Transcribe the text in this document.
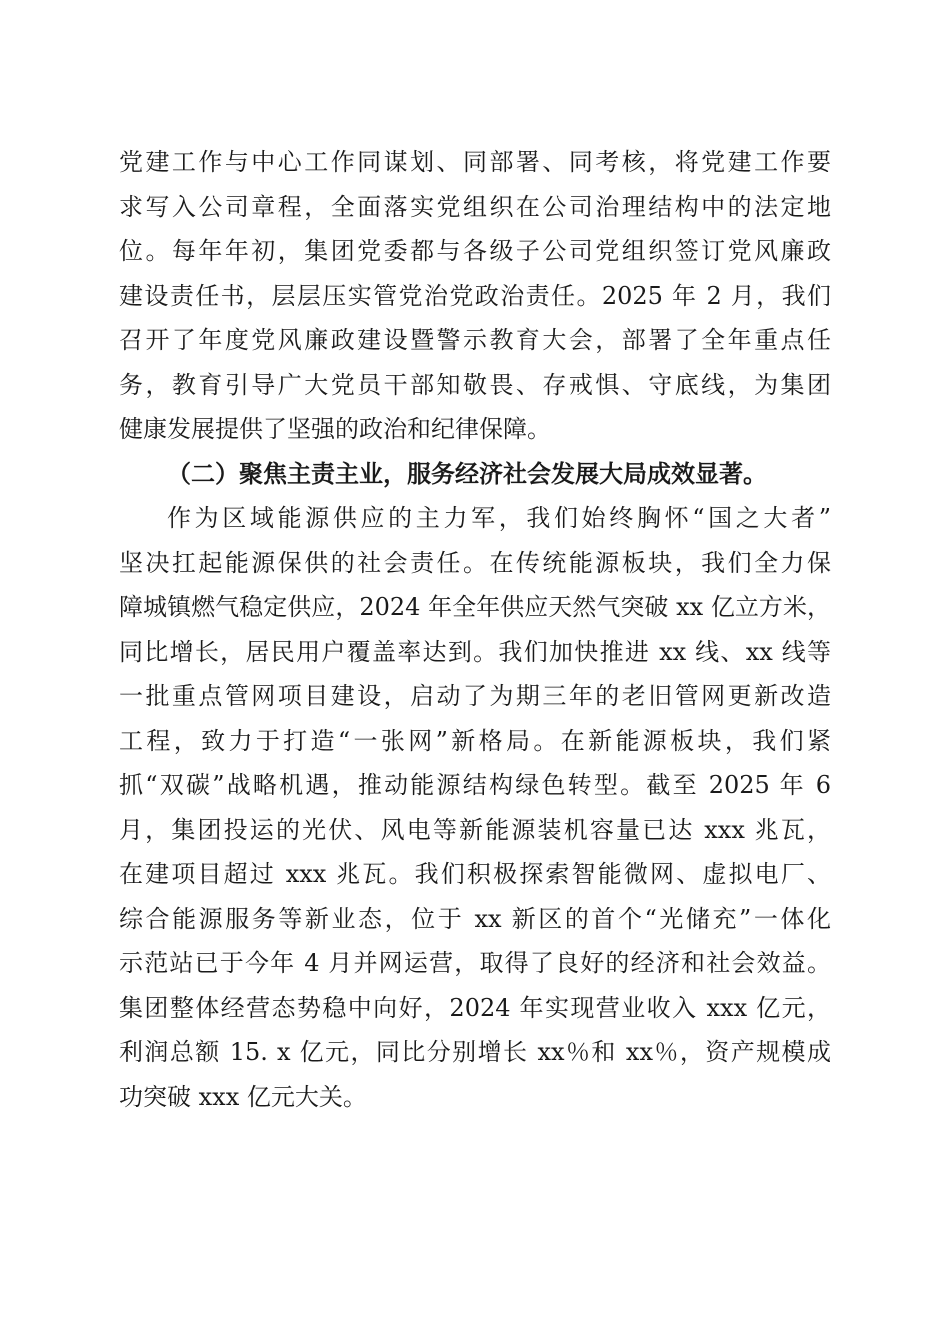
党建工作与中心工作同谋划、同部署、同考核，将党建工作要
求写入公司章程，全面落实党组织在公司治理结构中的法定地
位。每年年初，集团党委都与各级子公司党组织签订党风廉政
建设责任书，层层压实管党治党政治责任。2025 年 2 月，我们
召开了年度党风廉政建设暨警示教育大会，部署了全年重点任
务，教育引导广大党员干部知敬畏、存戒惧、守底线，为集团
健康发展提供了坚强的政治和纪律保障。
（二）聚焦主责主业，服务经济社会发展大局成效显著。
作为区域能源供应的主力军，我们始终胸怀“国之大者”
坚决扛起能源保供的社会责任。在传统能源板块，我们全力保
障城镇燃气稳定供应，2024 年全年供应天然气突破 xx 亿立方米，
同比增长，居民用户覆盖率达到。我们加快推进 xx 线、xx 线等
一批重点管网项目建设，启动了为期三年的老旧管网更新改造
工程，致力于打造“一张网”新格局。在新能源板块，我们紧
抓“双碳”战略机遇，推动能源结构绿色转型。截至 2025 年 6
月，集团投运的光伏、风电等新能源装机容量已达 xxx 兆瓦，
在建项目超过 xxx 兆瓦。我们积极探索智能微网、虚拟电厂、
综合能源服务等新业态，位于 xx 新区的首个“光储充”一体化
示范站已于今年 4 月并网运营，取得了良好的经济和社会效益。
集团整体经营态势稳中向好，2024 年实现营业收入 xxx 亿元，
利润总额 15. x 亿元，同比分别增长 xx％和 xx％，资产规模成
功突破 xxx 亿元大关。
